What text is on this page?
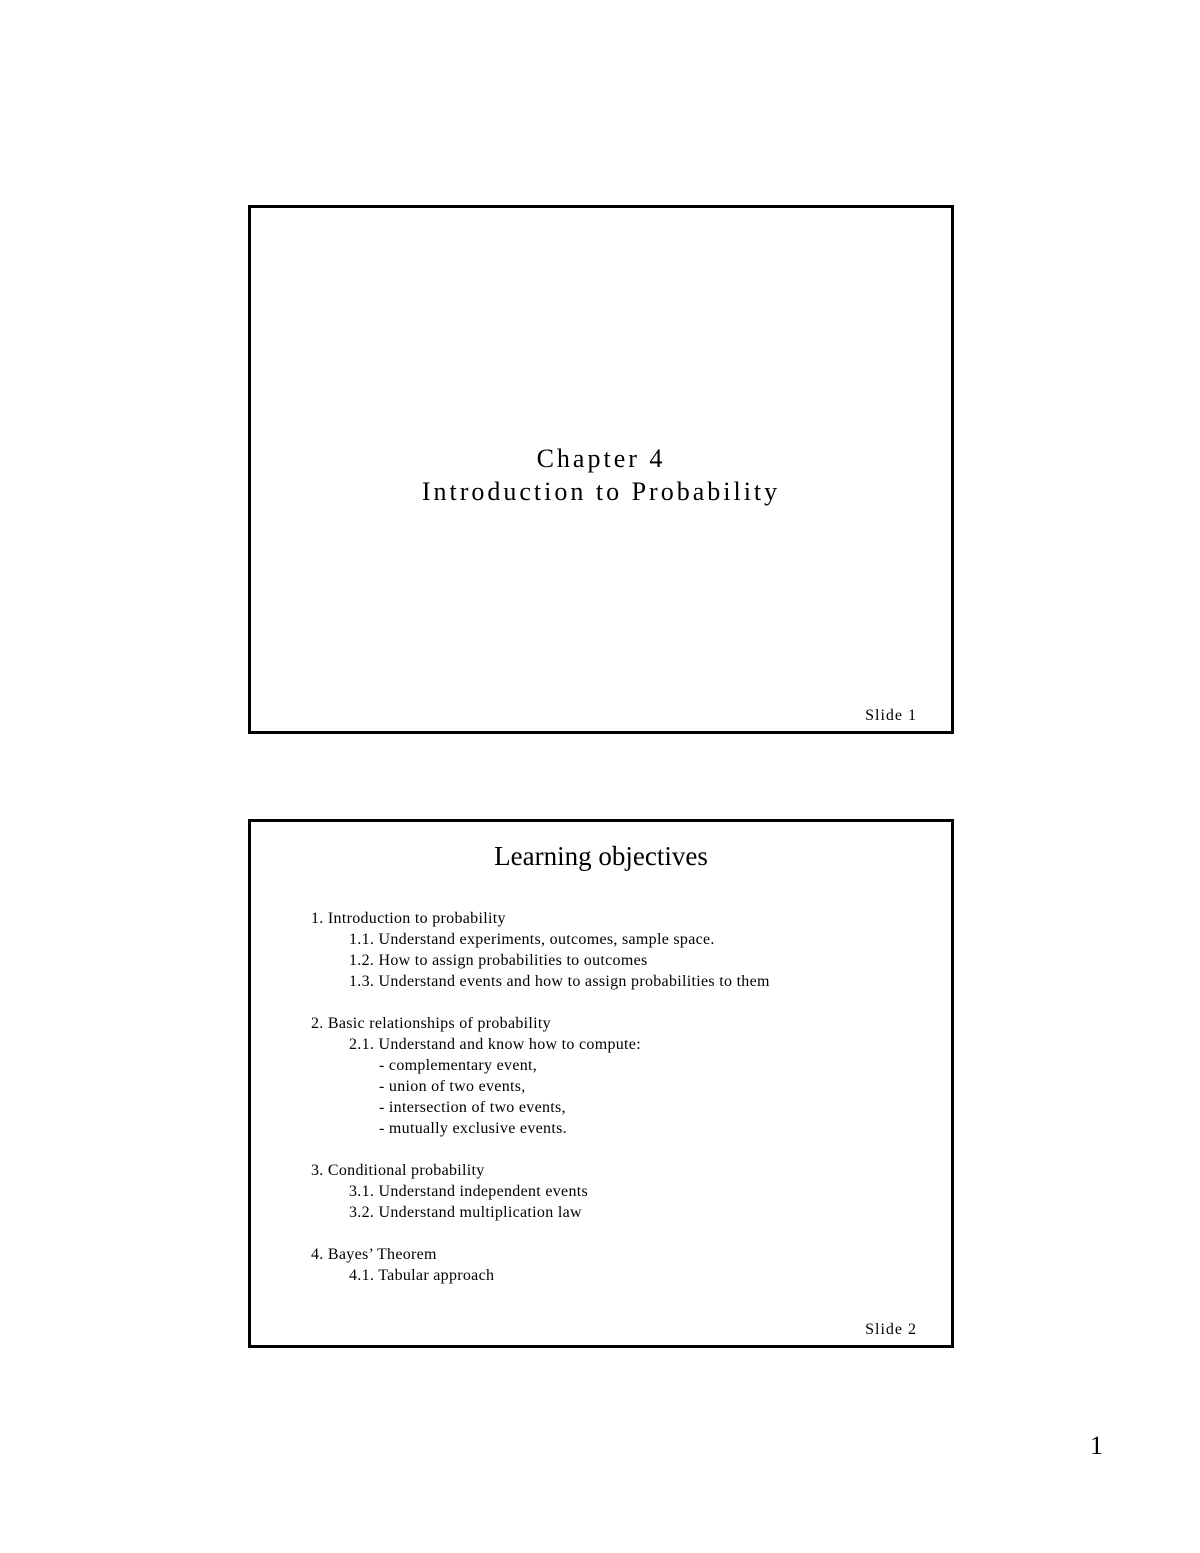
Chapter 4
Introduction to Probability
Slide 1
Learning objectives
1. Introduction to probability
1.1. Understand experiments, outcomes, sample space.
1.2. How to assign probabilities to outcomes
1.3. Understand events and how to assign probabilities to them
2. Basic relationships of probability
2.1. Understand and know how to compute:
- complementary event,
- union of two events,
- intersection of two events,
- mutually exclusive events.
3. Conditional probability
3.1. Understand independent events
3.2. Understand multiplication law
4. Bayes’ Theorem
4.1. Tabular approach
Slide 2
1
